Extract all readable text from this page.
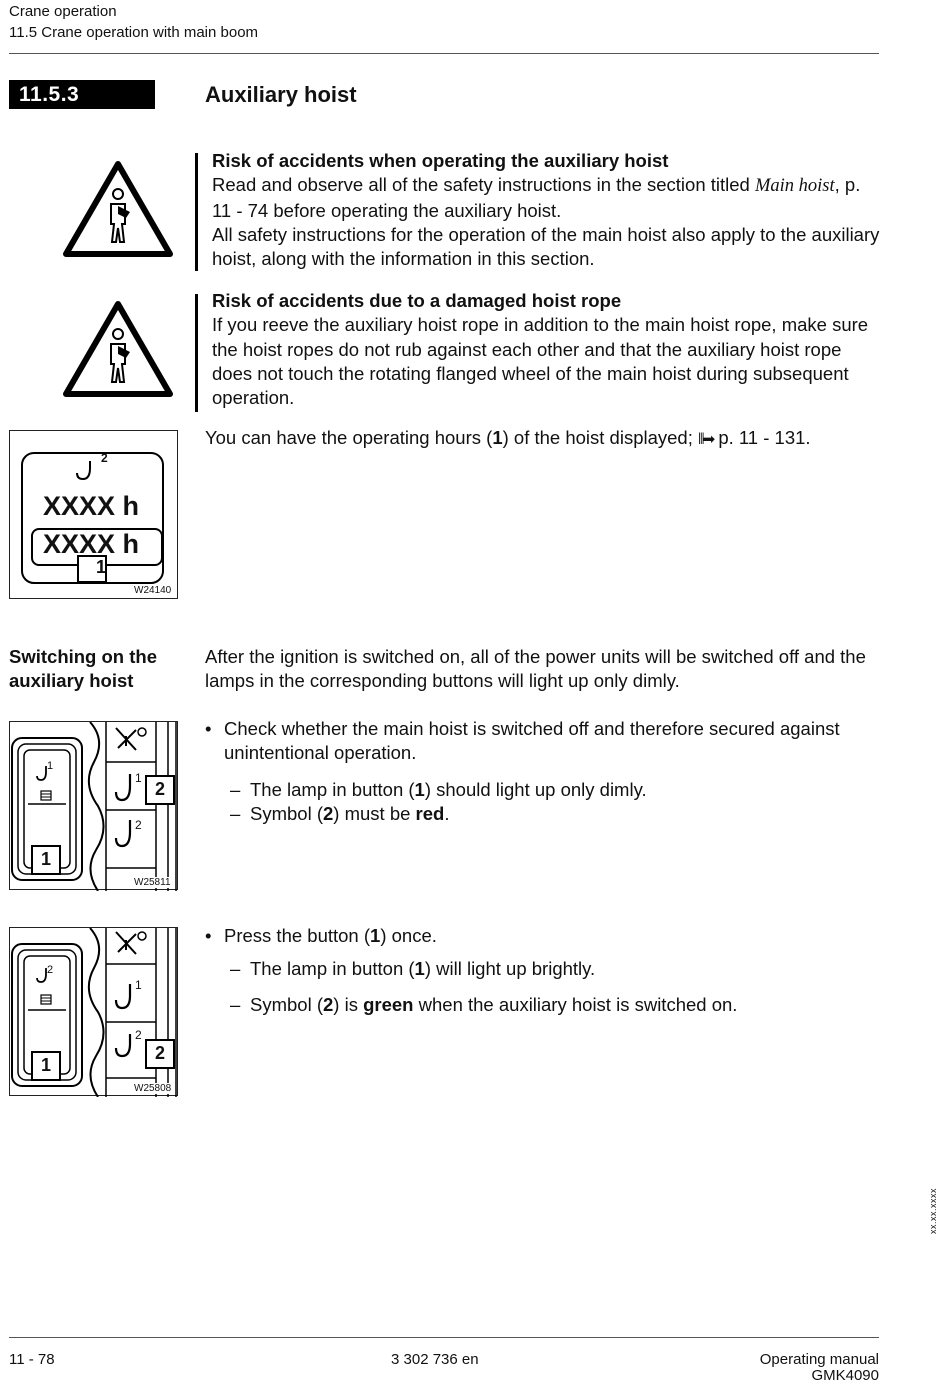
Crane operation
11.5 Crane operation with main boom
11.5.3	Auxiliary hoist
Risk of accidents when operating the auxiliary hoist
Read and observe all of the safety instructions in the section titled Main hoist, p. 11 - 74 before operating the auxiliary hoist.
All safety instructions for the operation of the main hoist also apply to the auxiliary hoist, along with the information in this section.
Risk of accidents due to a damaged hoist rope
If you reeve the auxiliary hoist rope in addition to the main hoist rope, make sure the hoist ropes do not rub against each other and that the auxiliary hoist rope does not touch the rotating flanged wheel of the main hoist during subsequent operation.
2
XXXX h
XXXX h
1
W24140
You can have the operating hours (1) of the hoist displayed; ⦀➡ p. 11 - 131.
Switching on the auxiliary hoist
After the ignition is switched on, all of the power units will be switched off and the lamps in the corresponding buttons will light up only dimly.
1
1
2
1
2
W25811
• Check whether the main hoist is switched off and therefore secured against unintentional operation.
– The lamp in button (1) should light up only dimly.
– Symbol (2) must be red.
2
1
2
1
2
W25808
• Press the button (1) once.
– The lamp in button (1) will light up brightly.
– Symbol (2) is green when the auxiliary hoist is switched on.
xx.xx.xxxx
11 - 78	3 302 736 en	Operating manual
GMK4090
